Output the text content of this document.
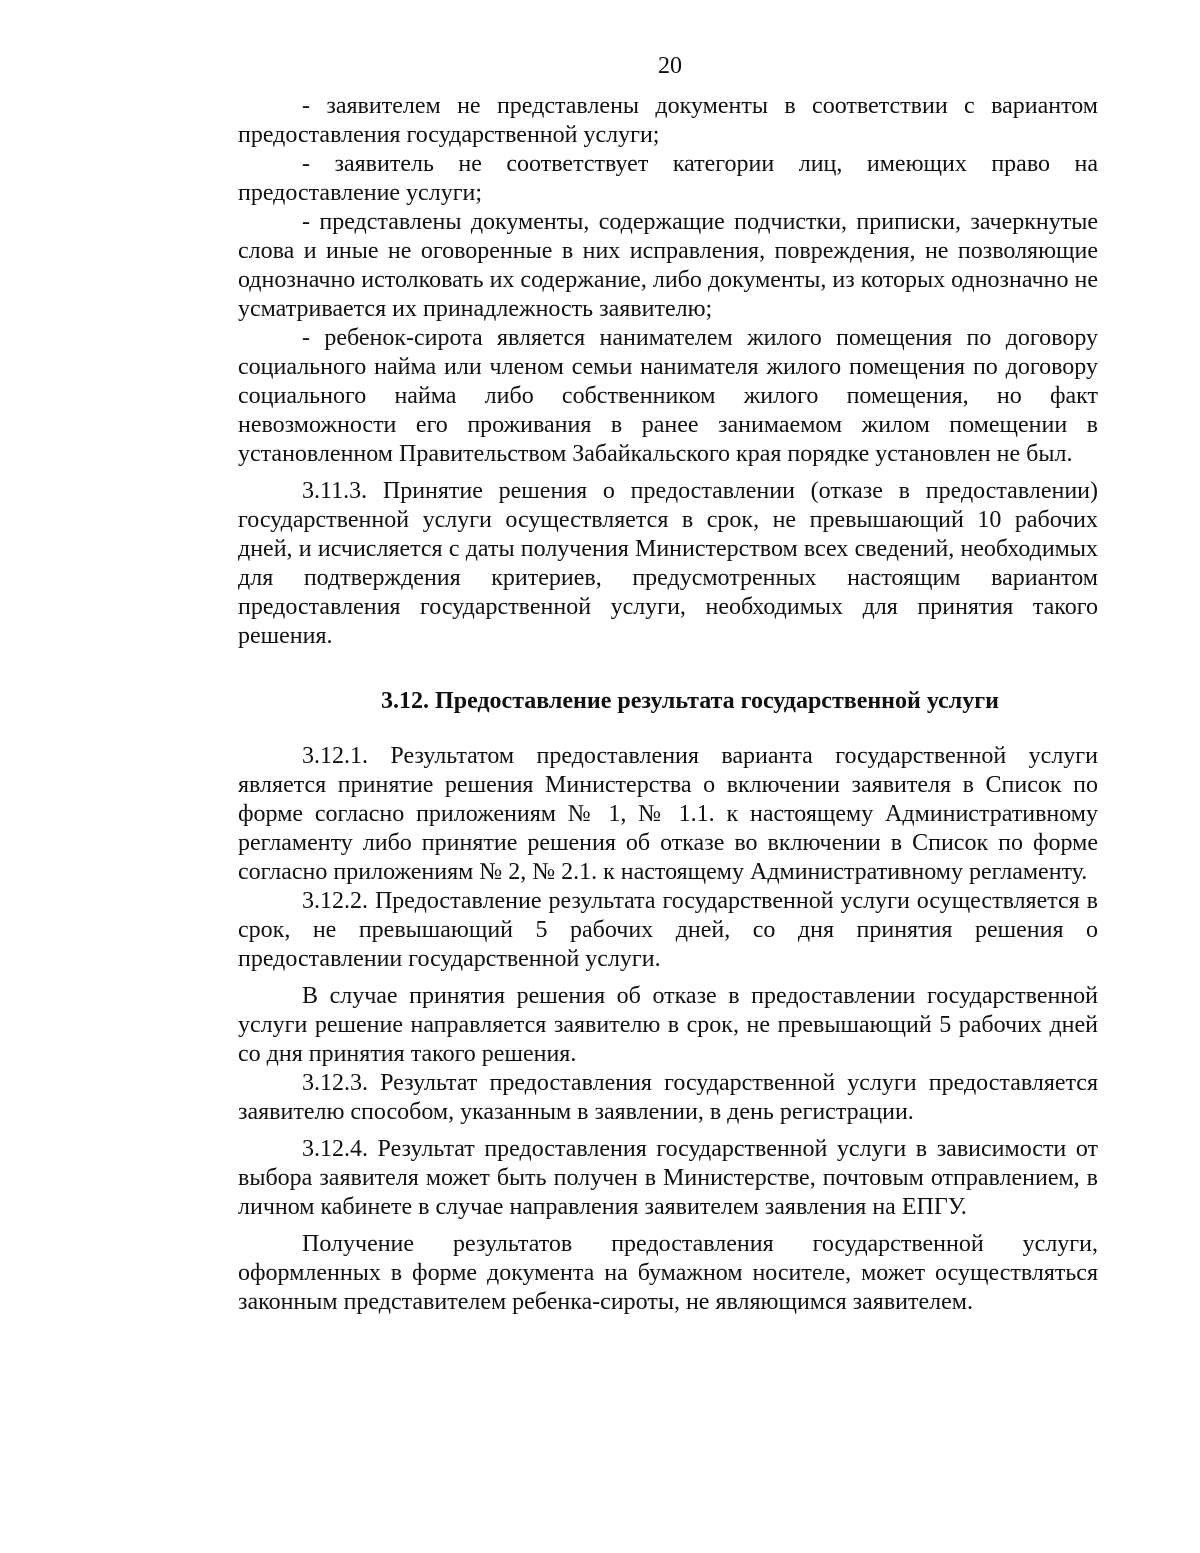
20

- заявителем не представлены документы в соответствии с вариантом предоставления государственной услуги;

- заявитель не соответствует категории лиц, имеющих право на предоставление услуги;

- представлены документы, содержащие подчистки, приписки, зачеркнутые слова и иные не оговоренные в них исправления, повреждения, не позволяющие однозначно истолковать их содержание, либо документы, из которых однозначно не усматривается их принадлежность заявителю;

- ребенок-сирота является нанимателем жилого помещения по договору социального найма или членом семьи нанимателя жилого помещения по договору социального найма либо собственником жилого помещения, но факт невозможности его проживания в ранее занимаемом жилом помещении в установленном Правительством Забайкальского края порядке установлен не был.

3.11.3. Принятие решения о предоставлении (отказе в предоставлении) государственной услуги осуществляется в срок, не превышающий 10 рабочих дней, и исчисляется с даты получения Министерством всех сведений, необходимых для подтверждения критериев, предусмотренных настоящим вариантом предоставления государственной услуги, необходимых для принятия такого решения.

3.12. Предоставление результата государственной услуги

3.12.1. Результатом предоставления варианта государственной услуги является принятие решения Министерства о включении заявителя в Список по форме согласно приложениям № 1, № 1.1. к настоящему Административному регламенту либо принятие решения об отказе во включении в Список по форме согласно приложениям № 2, № 2.1. к настоящему Административному регламенту.

3.12.2. Предоставление результата государственной услуги осуществляется в срок, не превышающий 5 рабочих дней, со дня принятия решения о предоставлении государственной услуги.

В случае принятия решения об отказе в предоставлении государственной услуги решение направляется заявителю в срок, не превышающий 5 рабочих дней со дня принятия такого решения.

3.12.3. Результат предоставления государственной услуги предоставляется заявителю способом, указанным в заявлении, в день регистрации.

3.12.4. Результат предоставления государственной услуги в зависимости от выбора заявителя может быть получен в Министерстве, почтовым отправлением, в личном кабинете в случае направления заявителем заявления на ЕПГУ.

Получение результатов предоставления государственной услуги, оформленных в форме документа на бумажном носителе, может осуществляться законным представителем ребенка-сироты, не являющимся заявителем.
